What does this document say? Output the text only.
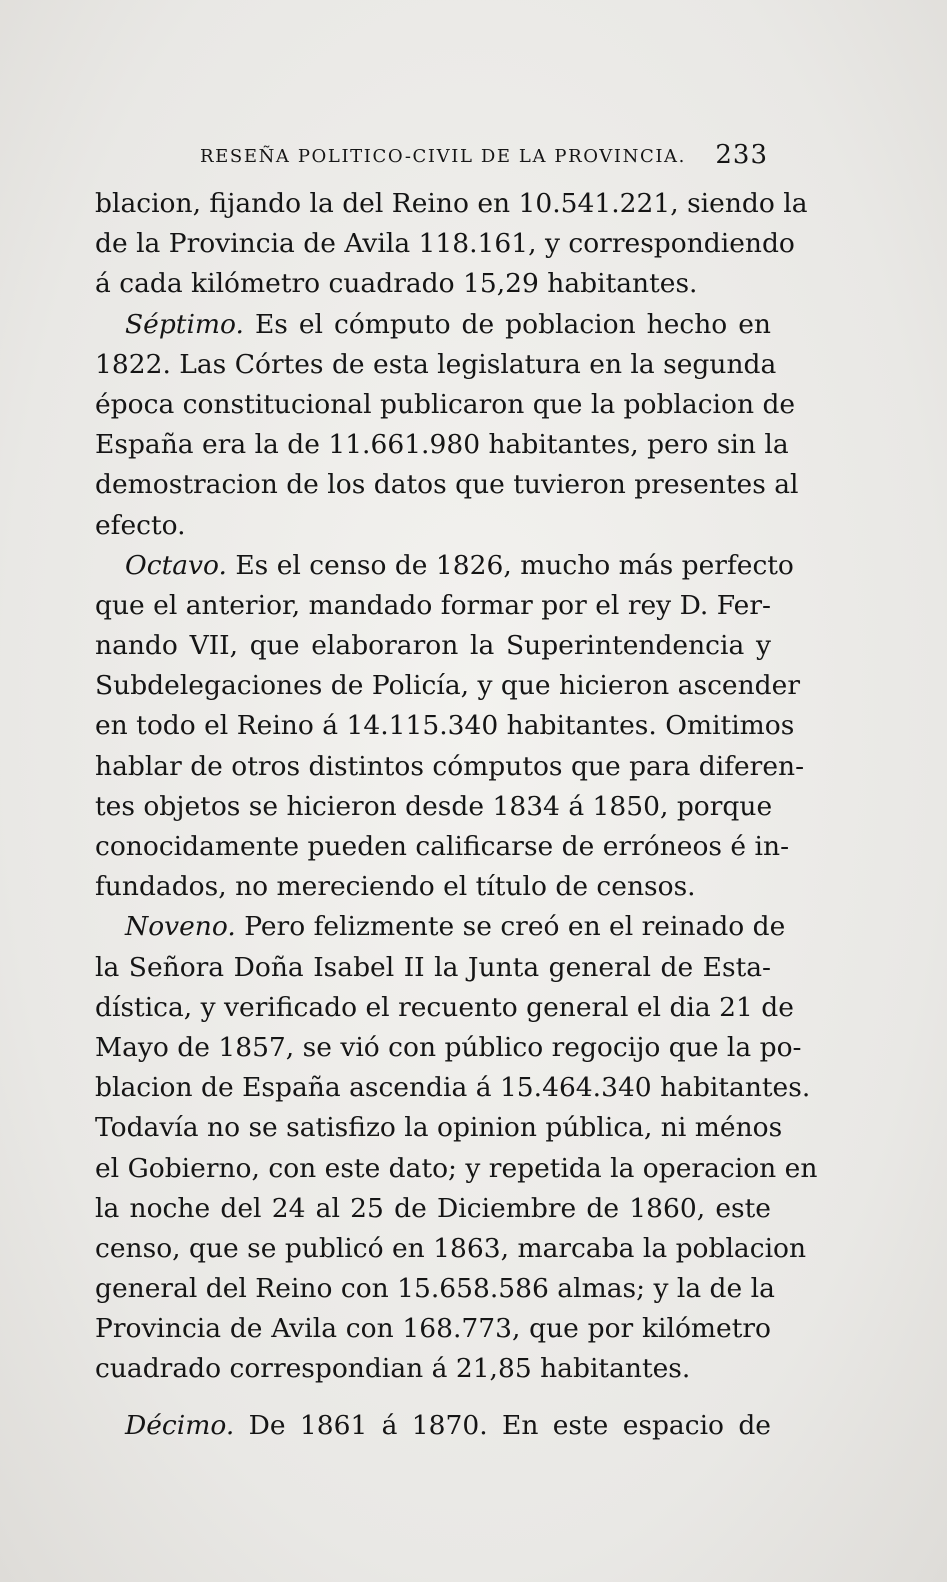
RESEÑA POLITICO-CIVIL DE LA PROVINCIA. 233
blacion, fijando la del Reino en 10.541.221, siendo la
de la Provincia de Avila 118.161, y correspondiendo
á cada kilómetro cuadrado 15,29 habitantes.
Séptimo. Es el cómputo de poblacion hecho en
1822. Las Córtes de esta legislatura en la segunda
época constitucional publicaron que la poblacion de
España era la de 11.661.980 habitantes, pero sin la
demostracion de los datos que tuvieron presentes al
efecto.
Octavo. Es el censo de 1826, mucho más perfecto
que el anterior, mandado formar por el rey D. Fer-
nando VII, que elaboraron la Superintendencia y
Subdelegaciones de Policía, y que hicieron ascender
en todo el Reino á 14.115.340 habitantes. Omitimos
hablar de otros distintos cómputos que para diferen-
tes objetos se hicieron desde 1834 á 1850, porque
conocidamente pueden calificarse de erróneos é in-
fundados, no mereciendo el título de censos.
Noveno. Pero felizmente se creó en el reinado de
la Señora Doña Isabel II la Junta general de Esta-
dística, y verificado el recuento general el dia 21 de
Mayo de 1857, se vió con público regocijo que la po-
blacion de España ascendia á 15.464.340 habitantes.
Todavía no se satisfizo la opinion pública, ni ménos
el Gobierno, con este dato; y repetida la operacion en
la noche del 24 al 25 de Diciembre de 1860, este
censo, que se publicó en 1863, marcaba la poblacion
general del Reino con 15.658.586 almas; y la de la
Provincia de Avila con 168.773, que por kilómetro
cuadrado correspondian á 21,85 habitantes.
Décimo. De 1861 á 1870. En este espacio de
